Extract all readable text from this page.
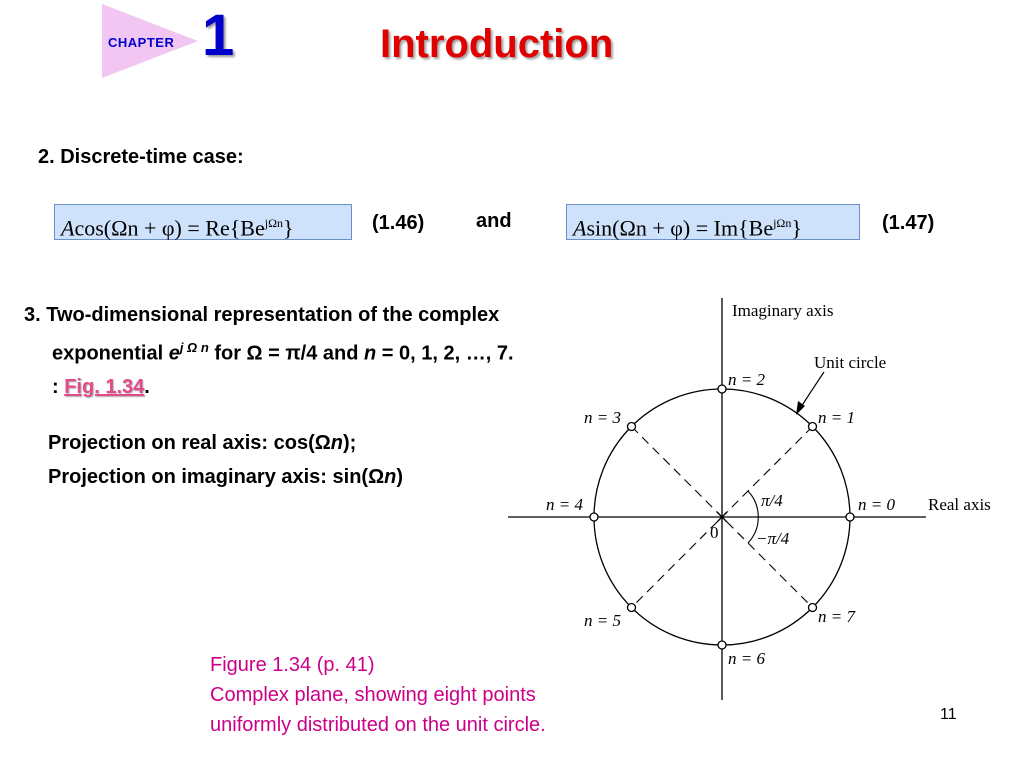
CHAPTER 1	Introduction
2. Discrete-time case:
$Acos(\Omega n + \varphi) = Re\{Be^{j\Omega n}\}$	(1.46)	and	$Asin(\Omega n + \varphi) = Im\{Be^{j\Omega n}\}$	(1.47)
3. Two-dimensional representation of the complex
exponential $e^{j \Omega n}$ for Ω = π/4 and n = 0, 1, 2, …, 7.
: Fig. 1.34.
Projection on real axis: cos(Ωn);
Projection on imaginary axis: sin(Ωn)
Imaginary axis
Real axis
Unit circle
0
π/4
−π/4
n = 0
n = 1
n = 2
n = 3
n = 4
n = 5
n = 6
n = 7
Figure 1.34 (p. 41)
Complex plane, showing eight points
uniformly distributed on the unit circle.	11
